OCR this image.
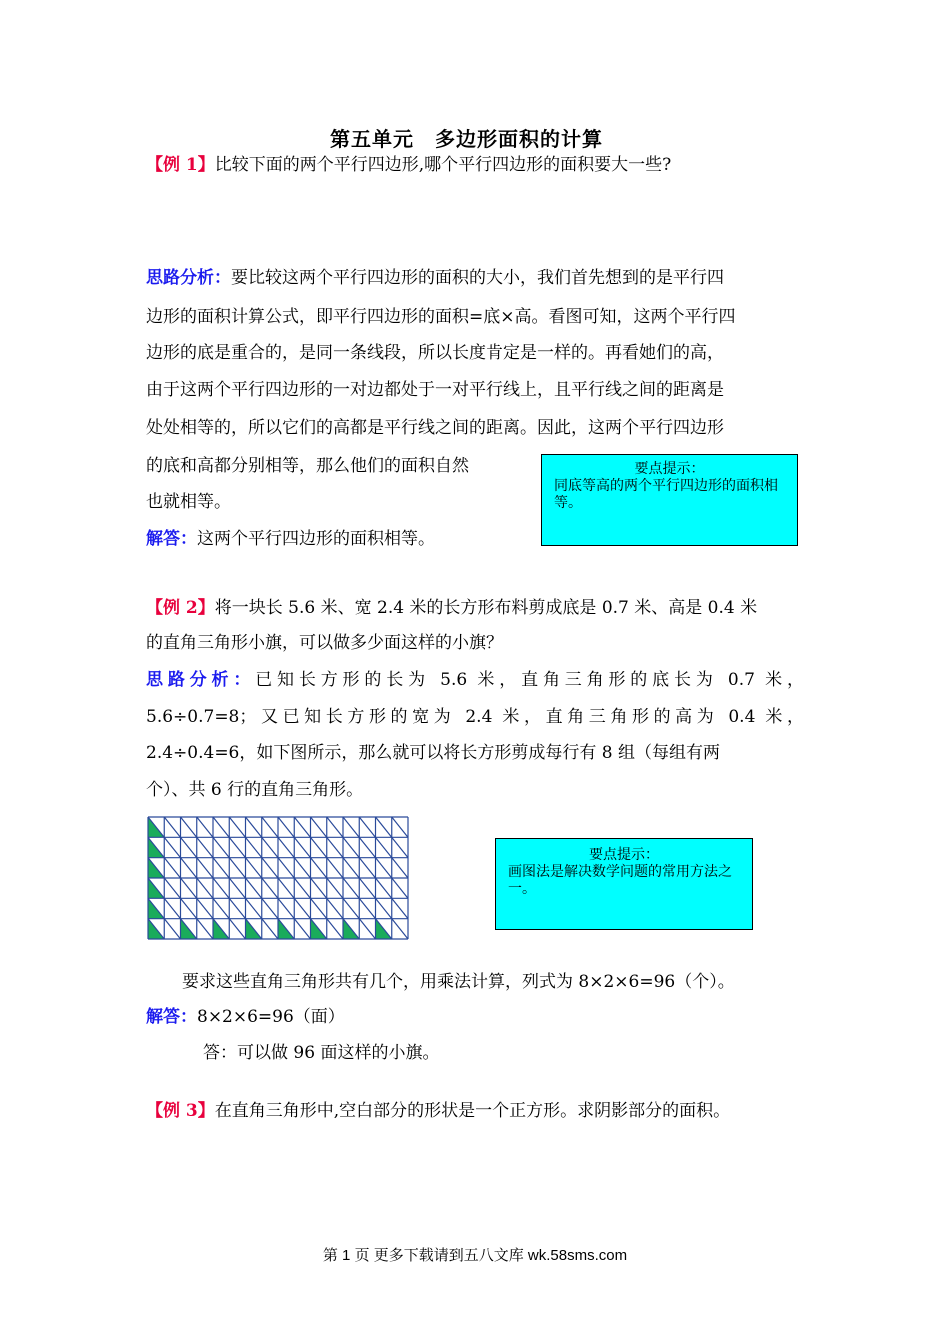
第五单元　多边形面积的计算
【例 1】比较下面的两个平行四边形,哪个平行四边形的面积要大一些?
思路分析：要比较这两个平行四边形的面积的大小，我们首先想到的是平行四
边形的面积计算公式，即平行四边形的面积=底×高。看图可知，这两个平行四
边形的底是重合的，是同一条线段，所以长度肯定是一样的。再看她们的高，
由于这两个平行四边形的一对边都处于一对平行线上，且平行线之间的距离是
处处相等的，所以它们的高都是平行线之间的距离。因此，这两个平行四边形
的底和高都分别相等，那么他们的面积自然
也就相等。
要点提示：
同底等高的两个平行四边形的面积相等。
解答：这两个平行四边形的面积相等。
【例 2】将一块长 5.6 米、宽 2.4 米的长方形布料剪成底是 0.7 米、高是 0.4 米
的直角三角形小旗，可以做多少面这样的小旗？
思路分析：已知长方形的长为 5.6 米，直角三角形的底长为 0.7 米，
5.6÷0.7=8；又已知长方形的宽为 2.4 米，直角三角形的高为 0.4 米，
2.4÷0.4=6，如下图所示，那么就可以将长方形剪成每行有 8 组（每组有两
个）、共 6 行的直角三角形。
要点提示：
画图法是解决数学问题的常用方法之一。
要求这些直角三角形共有几个，用乘法计算，列式为 8×2×6=96（个）。
解答：8×2×6=96（面）
答：可以做 96 面这样的小旗。
【例 3】在直角三角形中,空白部分的形状是一个正方形。求阴影部分的面积。
第 1 页 更多下载请到五八文库 wk.58sms.com
